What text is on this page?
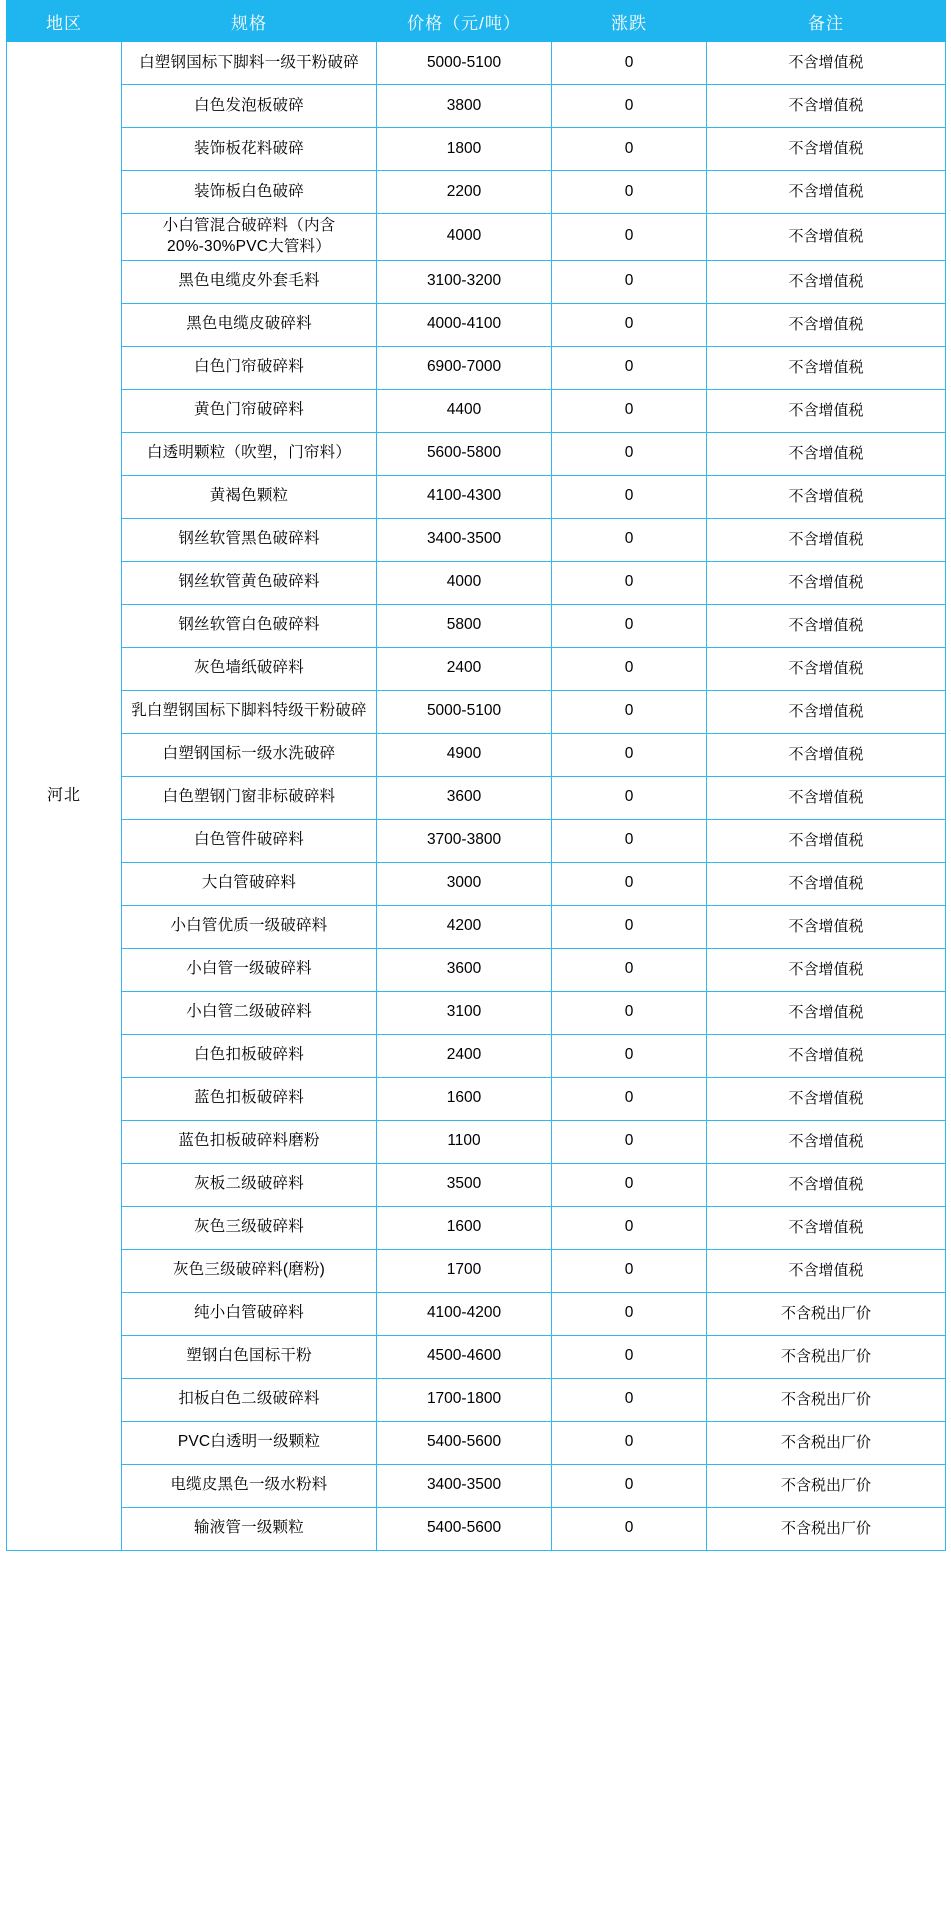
地区	规格	价格（元/吨）	涨跌	备注
河北	白塑钢国标下脚料一级干粉破碎	5000-5100	0	不含增值税
	白色发泡板破碎	3800	0	不含增值税
	装饰板花料破碎	1800	0	不含增值税
	装饰板白色破碎	2200	0	不含增值税
	小白管混合破碎料（内含20%-30%PVC大管料）	4000	0	不含增值税
	黑色电缆皮外套毛料	3100-3200	0	不含增值税
	黑色电缆皮破碎料	4000-4100	0	不含增值税
	白色门帘破碎料	6900-7000	0	不含增值税
	黄色门帘破碎料	4400	0	不含增值税
	白透明颗粒（吹塑，门帘料）	5600-5800	0	不含增值税
	黄褐色颗粒	4100-4300	0	不含增值税
	钢丝软管黑色破碎料	3400-3500	0	不含增值税
	钢丝软管黄色破碎料	4000	0	不含增值税
	钢丝软管白色破碎料	5800	0	不含增值税
	灰色墙纸破碎料	2400	0	不含增值税
	乳白塑钢国标下脚料特级干粉破碎	5000-5100	0	不含增值税
	白塑钢国标一级水洗破碎	4900	0	不含增值税
	白色塑钢门窗非标破碎料	3600	0	不含增值税
	白色管件破碎料	3700-3800	0	不含增值税
	大白管破碎料	3000	0	不含增值税
	小白管优质一级破碎料	4200	0	不含增值税
	小白管一级破碎料	3600	0	不含增值税
	小白管二级破碎料	3100	0	不含增值税
	白色扣板破碎料	2400	0	不含增值税
	蓝色扣板破碎料	1600	0	不含增值税
	蓝色扣板破碎料磨粉	1100	0	不含增值税
	灰板二级破碎料	3500	0	不含增值税
	灰色三级破碎料	1600	0	不含增值税
	灰色三级破碎料(磨粉)	1700	0	不含增值税
	纯小白管破碎料	4100-4200	0	不含税出厂价
	塑钢白色国标干粉	4500-4600	0	不含税出厂价
	扣板白色二级破碎料	1700-1800	0	不含税出厂价
	PVC白透明一级颗粒	5400-5600	0	不含税出厂价
	电缆皮黑色一级水粉料	3400-3500	0	不含税出厂价
	输液管一级颗粒	5400-5600	0	不含税出厂价
